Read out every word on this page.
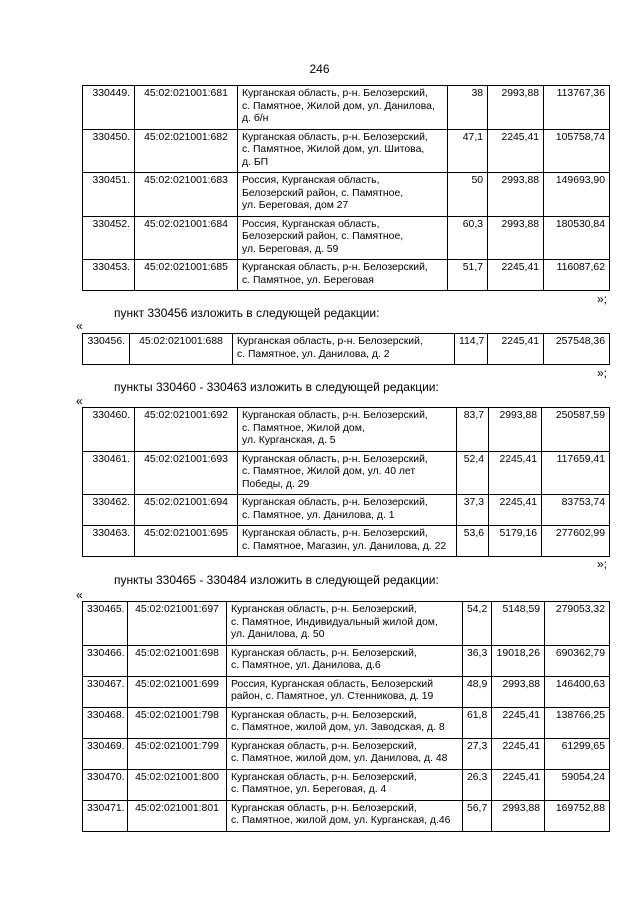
246
330449.	45:02:021001:681	Курганская область, р-н. Белозерский,
с. Памятное, Жилой дом, ул. Данилова,
д. б/н	38	2993,88	113767,36
330450.	45:02:021001:682	Курганская область, р-н. Белозерский,
с. Памятное, Жилой дом, ул. Шитова,
д. БП	47,1	2245,41	105758,74
330451.	45:02:021001:683	Россия, Курганская область,
Белозерский район, с. Памятное,
ул. Береговая, дом 27	50	2993,88	149693,90
330452.	45:02:021001:684	Россия, Курганская область,
Белозерский район, с. Памятное,
ул. Береговая, д. 59	60,3	2993,88	180530,84
330453.	45:02:021001:685	Курганская область, р-н. Белозерский,
с. Памятное, ул. Береговая	51,7	2245,41	116087,62
»;
пункт 330456 изложить в следующей редакции:
«
330456.	45:02:021001:688	Курганская область, р-н. Белозерский,
с. Памятное, ул. Данилова, д. 2	114,7	2245,41	257548,36
»;
пункты 330460 - 330463 изложить в следующей редакции:
«
330460.	45:02:021001:692	Курганская область, р-н. Белозерский,
с. Памятное, Жилой дом,
ул. Курганская, д. 5	83,7	2993,88	250587,59
330461.	45:02:021001:693	Курганская область, р-н. Белозерский,
с. Памятное, Жилой дом, ул. 40 лет
Победы, д. 29	52,4	2245,41	117659,41
330462.	45:02:021001:694	Курганская область, р-н. Белозерский,
с. Памятное, ул. Данилова, д. 1	37,3	2245,41	83753,74
330463.	45:02:021001:695	Курганская область, р-н. Белозерский,
с. Памятное, Магазин, ул. Данилова, д. 22	53,6	5179,16	277602,99
»;
пункты 330465 - 330484 изложить в следующей редакции:
«
330465.	45:02:021001:697	Курганская область, р-н. Белозерский,
с. Памятное, Индивидуальный жилой дом,
ул. Данилова, д. 50	54,2	5148,59	279053,32
330466.	45:02:021001:698	Курганская область, р-н. Белозерский,
с. Памятное, ул. Данилова, д.6	36,3	19018,26	690362,79
330467.	45:02:021001:699	Россия, Курганская область, Белозерский
район, с. Памятное, ул. Стенникова, д. 19	48,9	2993,88	146400,63
330468.	45:02:021001:798	Курганская область, р-н. Белозерский,
с. Памятное, жилой дом, ул. Заводская, д. 8	61,8	2245,41	138766,25
330469.	45:02:021001:799	Курганская область, р-н. Белозерский,
с. Памятное, жилой дом, ул. Данилова, д. 48	27,3	2245,41	61299,65
330470.	45:02:021001:800	Курганская область, р-н. Белозерский,
с. Памятное, ул. Береговая, д. 4	26,3	2245,41	59054,24
330471.	45:02:021001:801	Курганская область, р-н. Белозерский,
с. Памятное, жилой дом, ул. Курганская, д.46	56,7	2993,88	169752,88
